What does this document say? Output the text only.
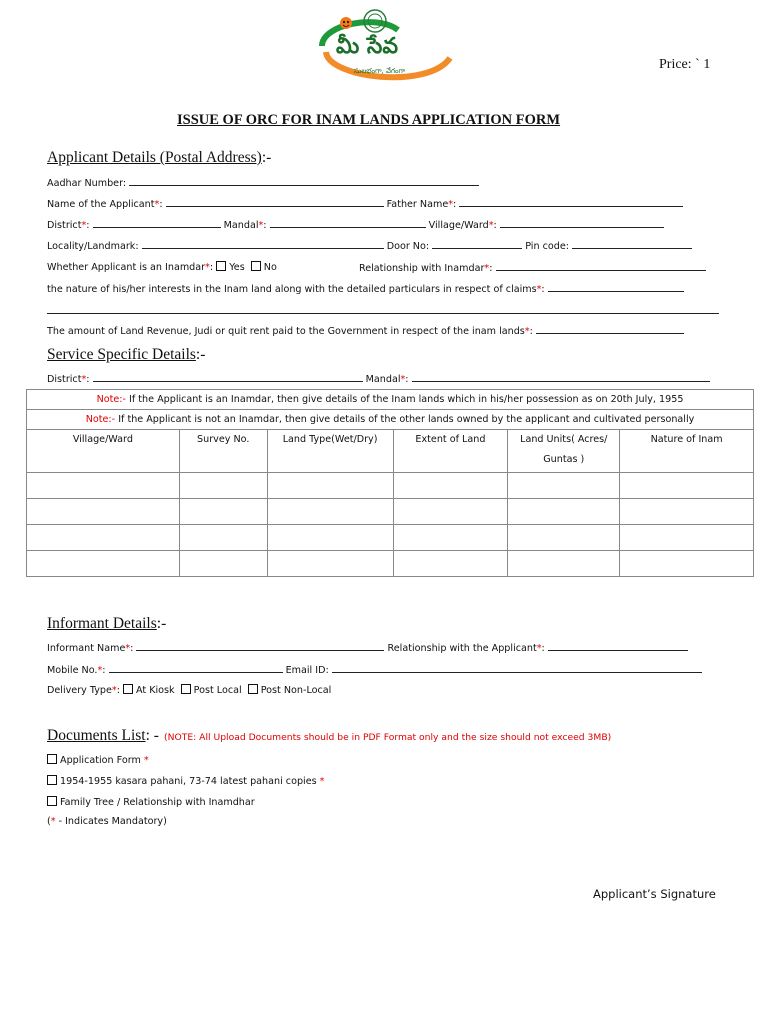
మీ సేవ
సులభంగా, వేగంగా	Price: ` 1
ISSUE OF ORC FOR INAM LANDS APPLICATION FORM
Applicant Details (Postal Address):-
Aadhar Number:
Name of the Applicant*:	Father Name*:
District*:	Mandal*:	Village/Ward*:
Locality/Landmark:	Door No:	Pin code:
Whether Applicant is an Inamdar*: Yes No	Relationship with Inamdar*:
the nature of his/her interests in the Inam land along with the detailed particulars in respect of claims*:
The amount of Land Revenue, Judi or quit rent paid to the Government in respect of the inam lands*:
Service Specific Details:-
District*:	Mandal*:
Note:- If the Applicant is an Inamdar, then give details of the Inam lands which in his/her possession as on 20th July, 1955					
Note:- If the Applicant is not an Inamdar, then give details of the other lands owned by the applicant and cultivated personally					
Village/Ward	Survey No.	Land Type(Wet/Dry)	Extent of Land	Land Units( Acres/ Guntas )	Nature of Inam

Informant Details:-
Informant Name*:	Relationship with the Applicant*:
Mobile No.*:	Email ID:
Delivery Type*: At Kiosk Post Local Post Non-Local
Documents List: - (NOTE: All Upload Documents should be in PDF Format only and the size should not exceed 3MB)
Application Form *
1954-1955 kasara pahani, 73-74 latest pahani copies *
Family Tree / Relationship with Inamdhar
(* - Indicates Mandatory)
Applicant’s Signature
